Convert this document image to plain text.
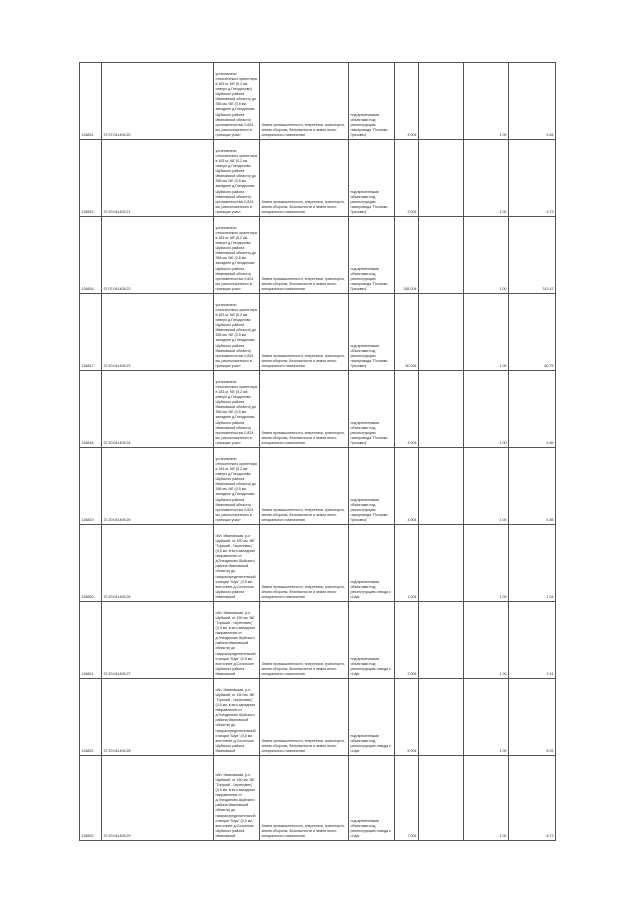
126814	37:07:041405:20	установлено относительно ориентира в 183 м. NE (5,2 км. северо д.Гнездилово) Шуйского района Ивановской области) до 356 км. NE (0,5 км. западнее д.Гнездилово Шуйского района Ивановской области) протяженностью 0,824 км, расположенного в границах участ	Земли промышленности, энергетики, транспорта, земли обороны, безопасности и земли иного специального назначения	под временными объектами под реконструкцию газопровода "Починки - Грязовец"	4 004		1 00	4 84
126815	37:20:041403:21	установлено относительно ориентира в 183 м. NE (5,2 км. северо д.Гнездилово Шуйского района Ивановской области) до 356 км. NE (0,5 км. западнее д.Гнездилово Шуйского района Ивановской области) протяженностью 0,824 км, расположенного в границах участ	Земли промышленности, энергетики, транспорта, земли обороны, безопасности и земли иного специального назначения	под временными объектами под реконструкцию газопровода "Починки - Грязовец"	3 004		1 00	3 73
126816	37:07:041405:22	установлено относительно ориентира в 183 м. NE (5,2 км. северо д.Гнездилово Шуйского района Ивановской области) до 356 км. NE (0,5 км. западнее д.Гнездилово Шуйского района Ивановской области) протяженностью 0,824 км, расположенного в границах участ	Земли промышленности, энергетики, транспорта, земли обороны, безопасности и земли иного специального назначения	под временными объектами под реконструкцию газопровода "Починки - Грязовец"	265 004		1 00	313 47
126817	37:20:041405:23	установлено относительно ориентира в 183 м. NE (5,2 км. северо д.Гнездилово Шуйского района Ивановской области) до 356 км. NE (0,5 км. западнее д.Гнездилово Шуйского района Ивановской области) протяженностью 0,824 км, расположенного в границах участ	Земли промышленности, энергетики, транспорта, земли обороны, безопасности и земли иного специального назначения	под временными объектами под реконструкцию газопровода "Починки - Грязовец"	50 004		1 00	60 75
126818	37:20:041405:24	установлено относительно ориентира в 183 м. NE (5,2 км. северо д.Гнездилово Шуйского района Ивановской области) до 356 км. NE (0,5 км. западнее д.Гнездилово Шуйского района Ивановской области) протяженностью 0,824 км, расположенного в границах участ	Земли промышленности, энергетики, транспорта, земли обороны, безопасности и земли иного специального назначения	под временными объектами под реконструкцию газопровода "Починки - Грязовец"	4 004		1 00	4 85
126819	37:20:041405:25	установлено относительно ориентира в 183 м. NE (5,2 км. северо д.Гнездилово Шуйского района Ивановской области) до 356 км. NE (0,5 км. западнее д.Гнездилово Шуйского района Ивановской области) протяженностью 0,824 км, расположенного в границах участ	Земли промышленности, энергетики, транспорта, земли обороны, безопасности и земли иного специального назначения	под временными объектами под реконструкцию газопровода "Починки - Грязовец"	4 004		1 00	4 85
126820	37:20:041405:26	обл. Ивановская, р-н Шуйский, от 150 км. NE "Горький - Череповец" (4,5 км. в юго-западном направлении от д.Гнездилово Шуйского района Ивановской области) до газораспределительной станции "Шуя" (0,5 км. восточнее д.Сохотское Шуйского района Ивановской	Земли промышленности, энергетики, транспорта, земли обороны, безопасности и земли иного специального назначения	под временными объектами под реконструкцию отвода к г.Шуя	1 004		1 00	1 04
126821	37:20:041405:27	обл. Ивановская, р-н Шуйский, от 150 км. NE "Горький - Череповец" (4,5 км. в юго-западном направлении от д.Гнездилово Шуйского района Ивановской области) до газораспределительной станции "Шуя" (0,5 км. восточнее д.Сохотское Шуйского района Ивановской	Земли промышленности, энергетики, транспорта, земли обороны, безопасности и земли иного специального назначения	под временными объектами под реконструкцию отвода к г.Шуя	2 004		1 00	2 41
126822	37:20:041405:28	обл. Ивановская, р-н Шуйский, от 150 км. NE "Горький - Череповец" (4,5 км. в юго-западном направлении от д.Гнездилово Шуйского района Ивановской области) до газораспределительной станции "Шуя" (0,5 км. восточнее д.Сохотское Шуйского района Ивановской	Земли промышленности, энергетики, транспорта, земли обороны, безопасности и земли иного специального назначения	под временными объектами под реконструкцию отвода к г.Шуя	5 004		1 00	6 02
126823	37:20:041405:29	обл. Ивановская, р-н Шуйский, от 150 км. NE "Горький - Череповец" (4,5 км. в юго-западном направлении от д.Гнездилово Шуйского района Ивановской области) до газораспределительной станции "Шуя" (0,5 км. восточнее д.Сохотское Шуйского района Ивановской	Земли промышленности, энергетики, транспорта, земли обороны, безопасности и земли иного специального назначения	под временными объектами под реконструкцию отвода к г.Шуя	7 004		1 00	8 72
